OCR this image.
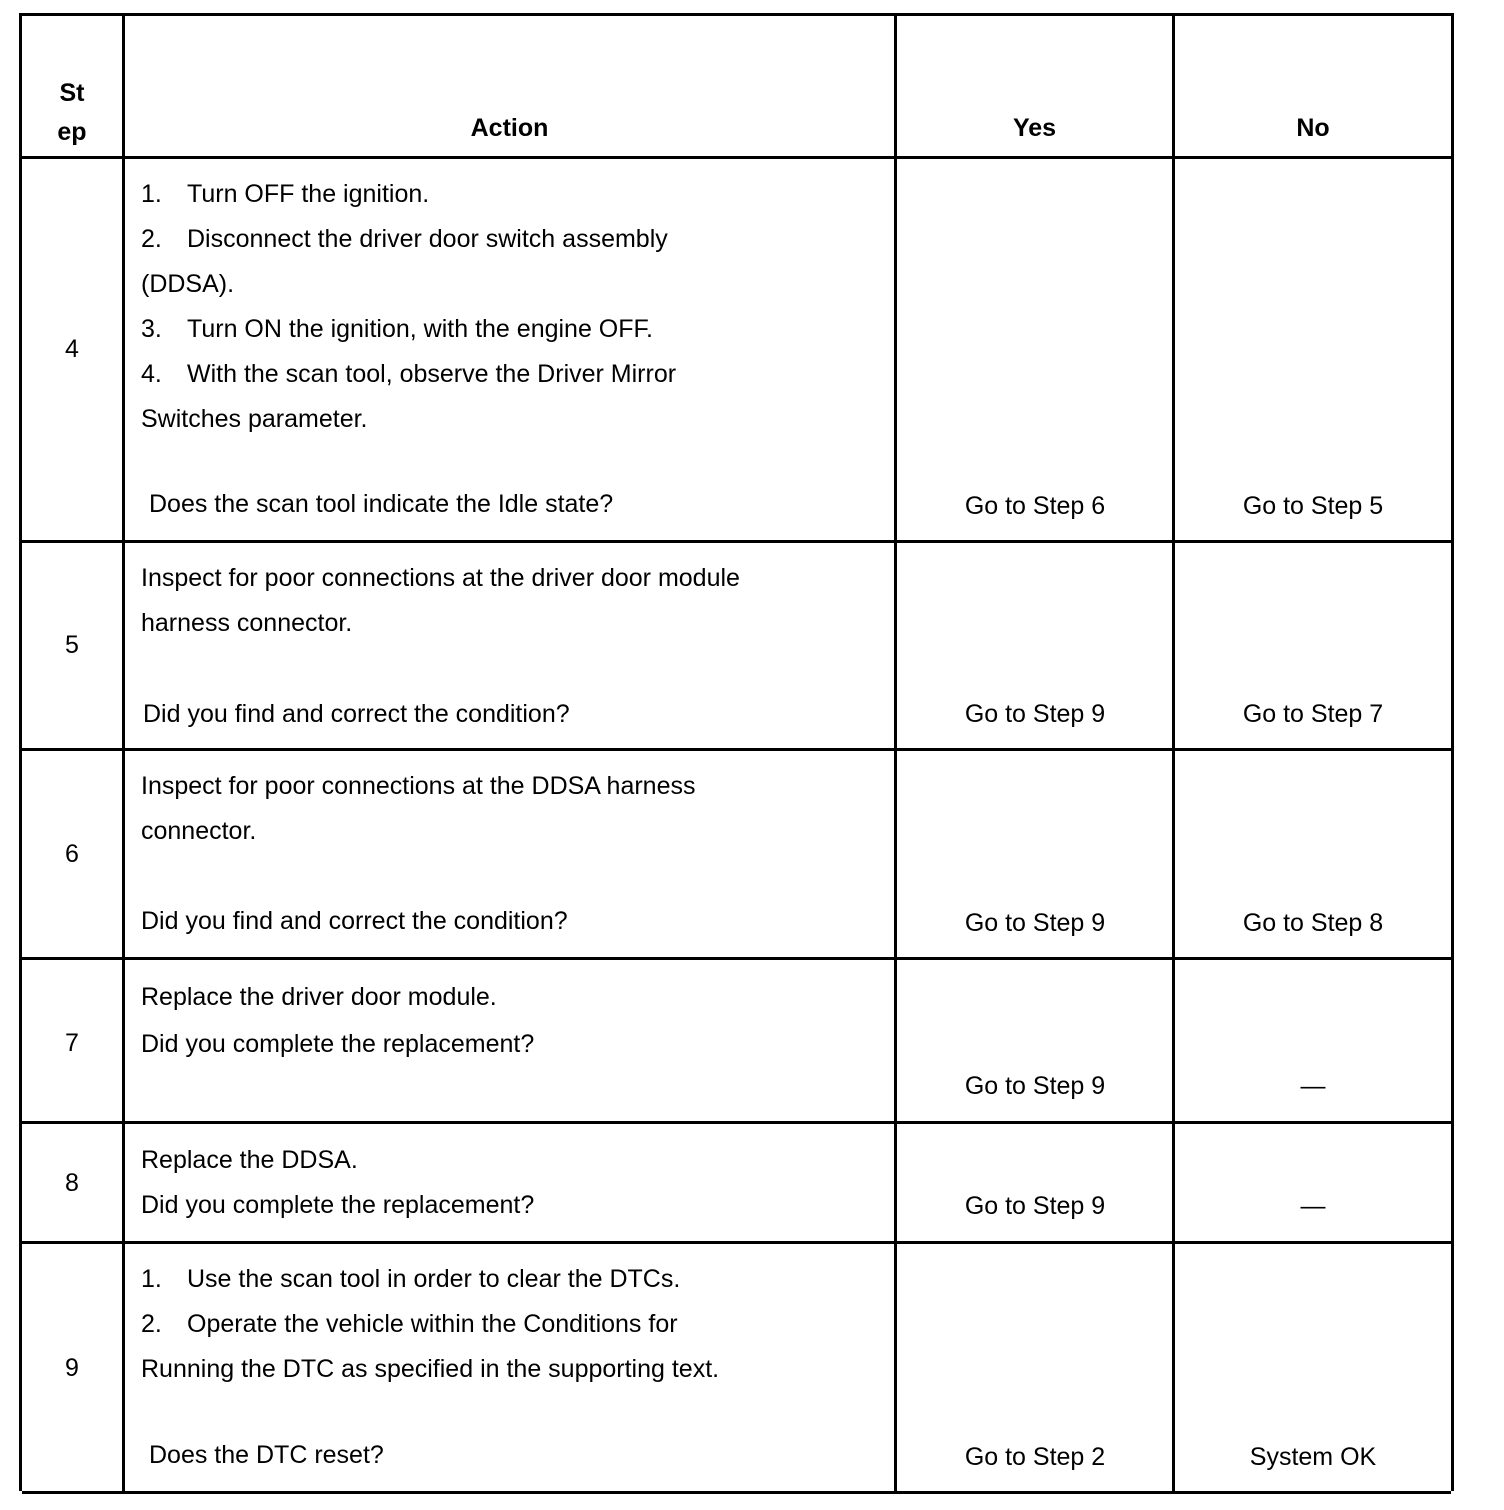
St
ep	Action	Yes	No
4
1. Turn OFF the ignition.
2. Disconnect the driver door switch assembly
(DDSA).
3. Turn ON the ignition, with the engine OFF.
4. With the scan tool, observe the Driver Mirror
Switches parameter.
Does the scan tool indicate the Idle state?	Go to Step 6	Go to Step 5
5
Inspect for poor connections at the driver door module
harness connector.
Did you find and correct the condition?	Go to Step 9	Go to Step 7
6
Inspect for poor connections at the DDSA harness
connector.
Did you find and correct the condition?	Go to Step 9	Go to Step 8
7
Replace the driver door module.
Did you complete the replacement?
Go to Step 9	—
8
Replace the DDSA.
Did you complete the replacement?	Go to Step 9	—
9
1. Use the scan tool in order to clear the DTCs.
2. Operate the vehicle within the Conditions for
Running the DTC as specified in the supporting text.
Does the DTC reset?	Go to Step 2	System OK
